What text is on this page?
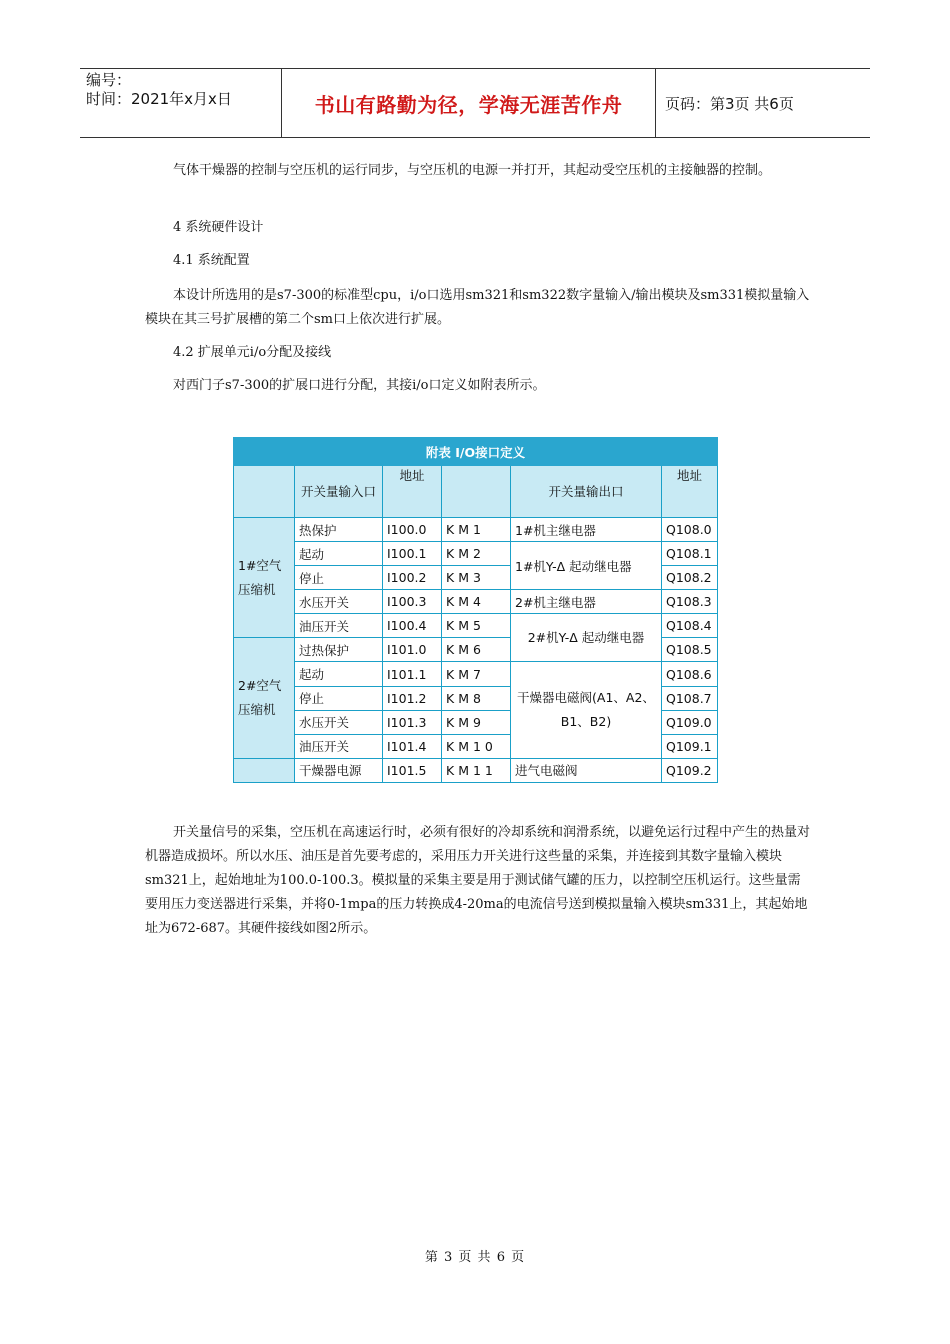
编号：
时间：2021年x月x日	书山有路勤为径，学海无涯苦作舟	页码：第3页 共6页
气体干燥器的控制与空压机的运行同步，与空压机的电源一并打开，其起动受空压机的主接触器的控制。
4 系统硬件设计
4.1 系统配置
本设计所选用的是s7-300的标准型cpu，i/o口选用sm321和sm322数字量输入/输出模块及sm331模拟量输入模块在其三号扩展槽的第二个sm口上依次进行扩展。
4.2 扩展单元i/o分配及接线
对西门子s7-300的扩展口进行分配，其接i/o口定义如附表所示。
附表 I/O接口定义					
	开关量输入口	地址		开关量输出口	地址
1#空气压缩机	热保护	I100.0	KM1	1#机主继电器	Q108.0
	起动	I100.1	KM2	1#机Y-Δ 起动继电器	Q108.1
	停止	I100.2	KM3		Q108.2
	水压开关	I100.3	KM4	2#机主继电器	Q108.3
	油压开关	I100.4	KM5	2#机Y-Δ 起动继电器	Q108.4
2#空气压缩机	过热保护	I101.0	KM6		Q108.5
	起动	I101.1	KM7	干燥器电磁阀(A1、A2、B1、B2)	Q108.6
	停止	I101.2	KM8		Q108.7
	水压开关	I101.3	KM9		Q109.0
	油压开关	I101.4	KM10		Q109.1
	干燥器电源	I101.5	KM11	进气电磁阀	Q109.2
开关量信号的采集，空压机在高速运行时，必须有很好的冷却系统和润滑系统，以避免运行过程中产生的热量对机器造成损坏。所以水压、油压是首先要考虑的，采用压力开关进行这些量的采集，并连接到其数字量输入模块sm321上，起始地址为100.0-100.3。模拟量的采集主要是用于测试储气罐的压力，以控制空压机运行。这些量需要用压力变送器进行采集，并将0-1mpa的压力转换成4-20ma的电流信号送到模拟量输入模块sm331上，其起始地址为672-687。其硬件接线如图2所示。
第 3 页 共 6 页
